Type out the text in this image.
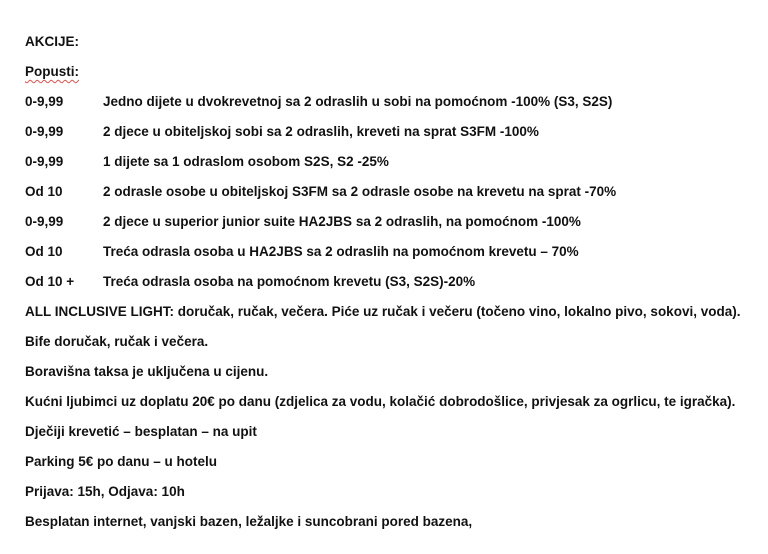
AKCIJE:
Popusti:
0-9,99	Jedno dijete u dvokrevetnoj sa 2 odraslih u sobi na pomoćnom -100% (S3, S2S)
0-9,99	2 djece u obiteljskoj sobi sa 2 odraslih, kreveti na sprat S3FM -100%
0-9,99	1 dijete sa 1 odraslom osobom S2S, S2 -25%
Od 10	2 odrasle osobe u obiteljskoj S3FM sa 2 odrasle osobe na krevetu na sprat -70%
0-9,99	2 djece u superior junior suite HA2JBS sa 2 odraslih, na pomoćnom -100%
Od 10	Treća odrasla osoba u HA2JBS sa 2 odraslih na pomoćnom krevetu – 70%
Od 10 +	Treća odrasla osoba na pomoćnom krevetu (S3, S2S)-20%
ALL INCLUSIVE LIGHT: doručak, ručak, večera. Piće uz ručak i večeru (točeno vino, lokalno pivo, sokovi, voda).
Bife doručak, ručak i večera.
Boravišna taksa je uključena u cijenu.
Kućni ljubimci uz doplatu 20€ po danu (zdjelica za vodu, kolačić dobrodošlice, privjesak za ogrlicu, te igračka).
Dječiji krevetić – besplatan – na upit
Parking 5€ po danu – u hotelu
Prijava: 15h, Odjava: 10h
Besplatan internet, vanjski bazen, ležaljke i suncobrani pored bazena,
